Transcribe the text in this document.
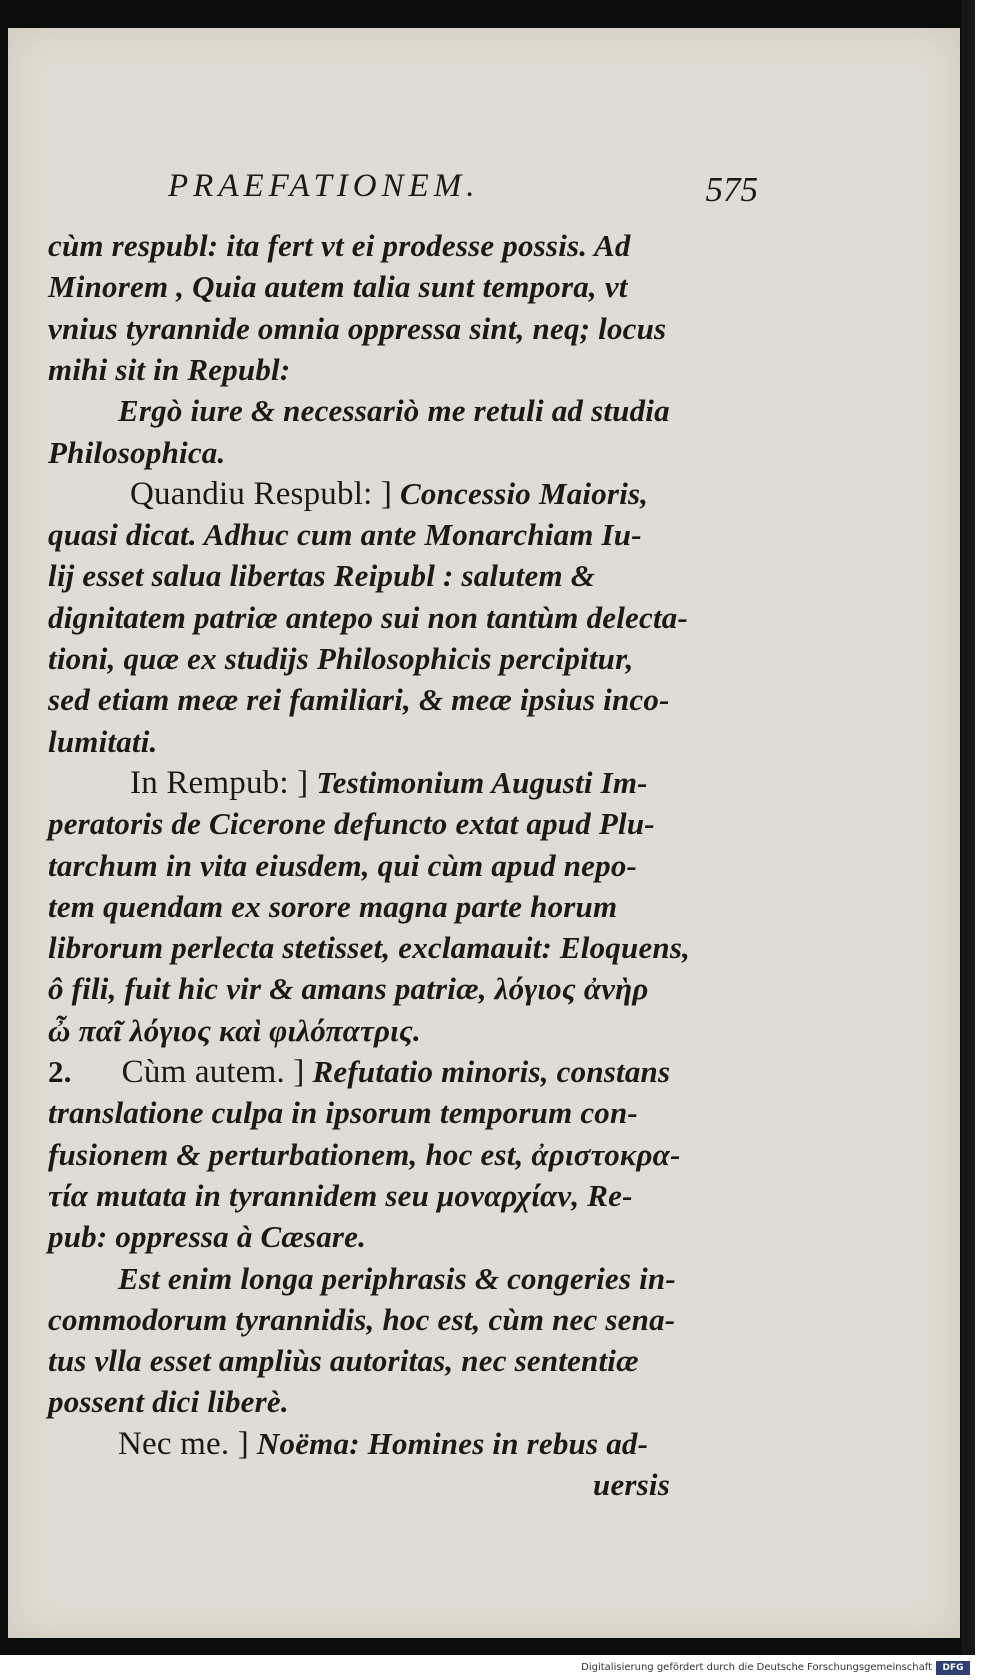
PRAEFATIONEM.	575
cùm respubl: ita fert vt ei prodesse possis. Ad
Minorem , Quia autem talia sunt tempora, vt
vnius tyrannide omnia oppressa sint, neq; locus
mihi sit in Republ:
Ergò iure & necessariò me retuli ad studia
Philosophica.
Quandiu Respubl: ] Concessio Maioris,
quasi dicat. Adhuc cum ante Monarchiam Iu-
lij esset salua libertas Reipubl : salutem &
dignitatem patriæ antepo sui non tantùm delecta-
tioni, quæ ex studijs Philosophicis percipitur,
sed etiam meæ rei familiari, & meæ ipsius inco-
lumitati.
In Rempub: ] Testimonium Augusti Im-
peratoris de Cicerone defuncto extat apud Plu-
tarchum in vita eiusdem, qui cùm apud nepo-
tem quendam ex sorore magna parte horum
librorum perlecta stetisset, exclamauit: Eloquens,
ô fili, fuit hic vir & amans patriæ, λόγιος ἀνὴρ
ὦ παῖ λόγιος καὶ φιλόπατρις.
2. Cùm autem. ] Refutatio minoris, constans
translatione culpa in ipsorum temporum con-
fusionem & perturbationem, hoc est, ἀριστοκρα-
τία mutata in tyrannidem seu μοναρχίαν, Re-
pub: oppressa à Cæsare.
Est enim longa periphrasis & congeries in-
commodorum tyrannidis, hoc est, cùm nec sena-
tus vlla esset ampliùs autoritas, nec sententiæ
possent dici liberè.
Nec me. ] Noëma: Homines in rebus ad-
uersis
Digitalisierung gefördert durch die Deutsche Forschungsgemeinschaft	DFG
